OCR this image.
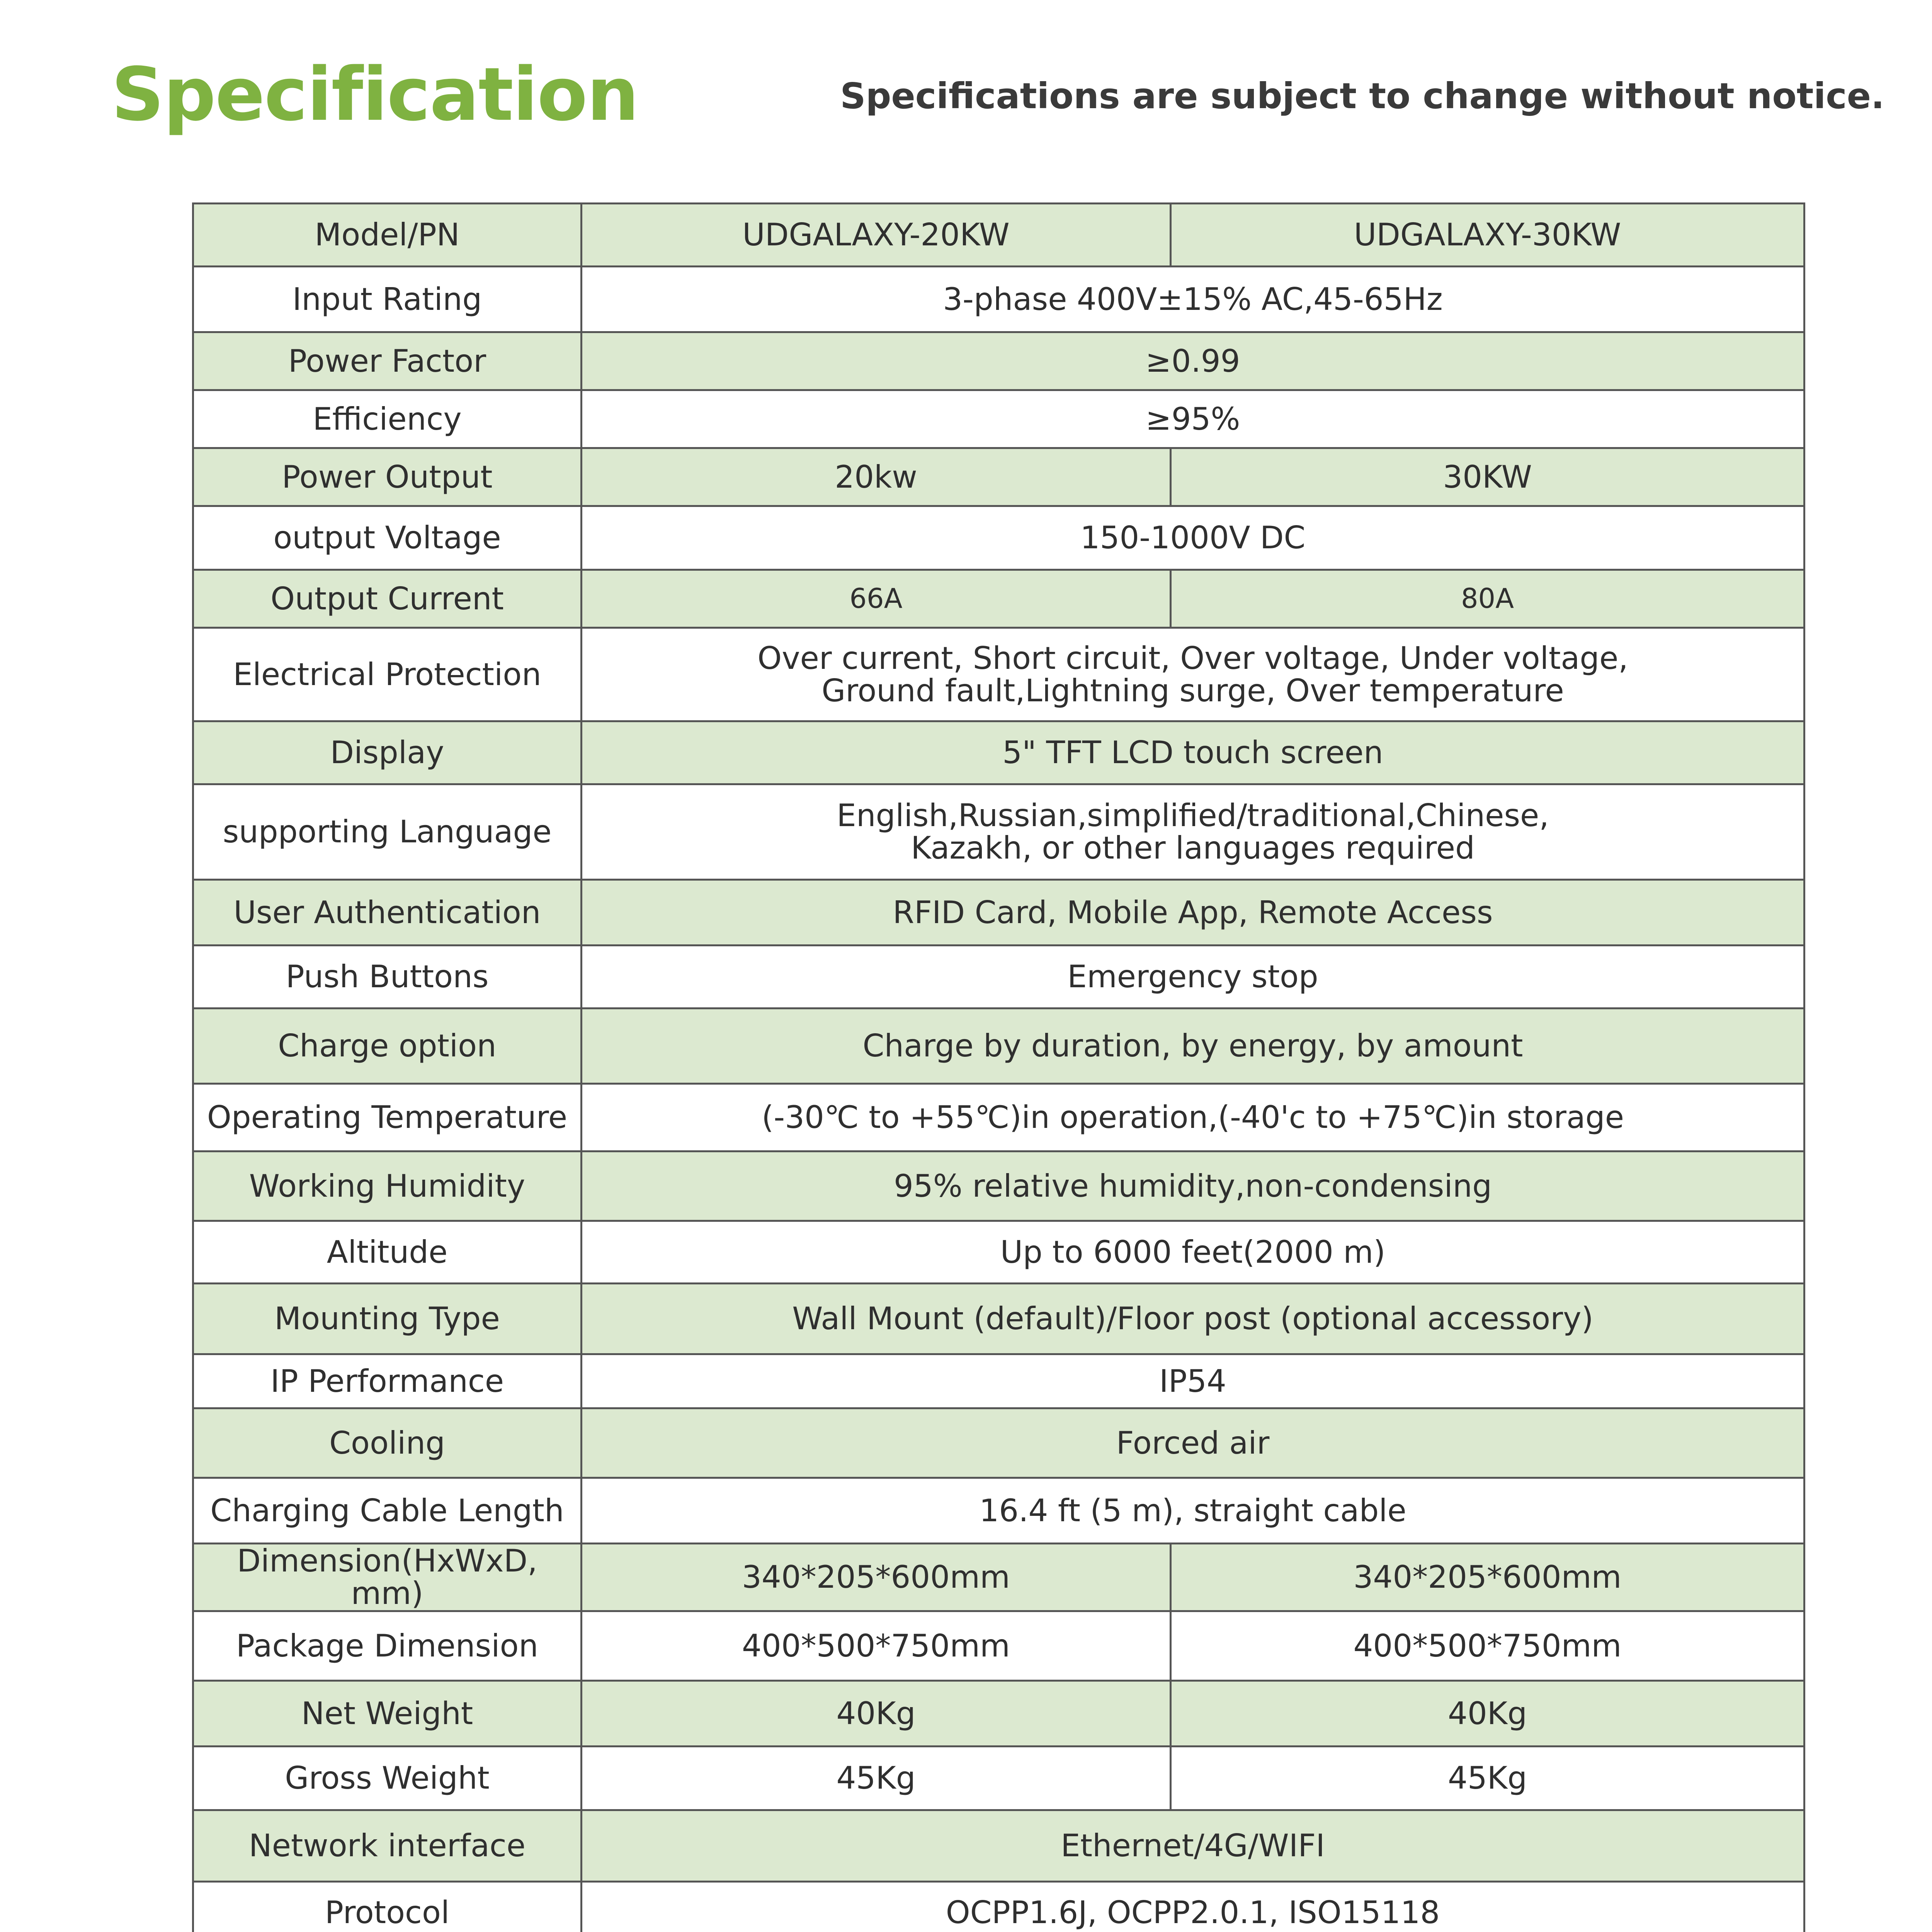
Specification	Specifications are subject to change without notice.

Model/PN	UDGALAXY-20KW	UDGALAXY-30KW
Input Rating	3-phase 400V±15% AC,45-65Hz	
Power Factor	≥0.99	
Efficiency	≥95%	
Power Output	20kw	30KW
output Voltage	150-1000V DC	
Output Current	66A	80A
Electrical Protection	Over current, Short circuit, Over voltage, Under voltage,
Ground fault,Lightning surge, Over temperature	
Display	5" TFT LCD touch screen	
supporting Language	English,Russian,simplified/traditional,Chinese,
Kazakh, or other languages required	
User Authentication	RFID Card, Mobile App, Remote Access	
Push Buttons	Emergency stop	
Charge option	Charge by duration, by energy, by amount	
Operating Temperature	(-30℃ to +55℃)in operation,(-40'c to +75℃)in storage	
Working Humidity	95% relative humidity,non-condensing	
Altitude	Up to 6000 feet(2000 m)	
Mounting Type	Wall Mount (default)/Floor post (optional accessory)	
IP Performance	IP54	
Cooling	Forced air	
Charging Cable Length	16.4 ft (5 m), straight cable	
Dimension(HxWxD, mm)	340*205*600mm	340*205*600mm
Package Dimension	400*500*750mm	400*500*750mm
Net Weight	40Kg	40Kg
Gross Weight	45Kg	45Kg
Network interface	Ethernet/4G/WIFI	
Protocol	OCPP1.6J, OCPP2.0.1, ISO15118	
